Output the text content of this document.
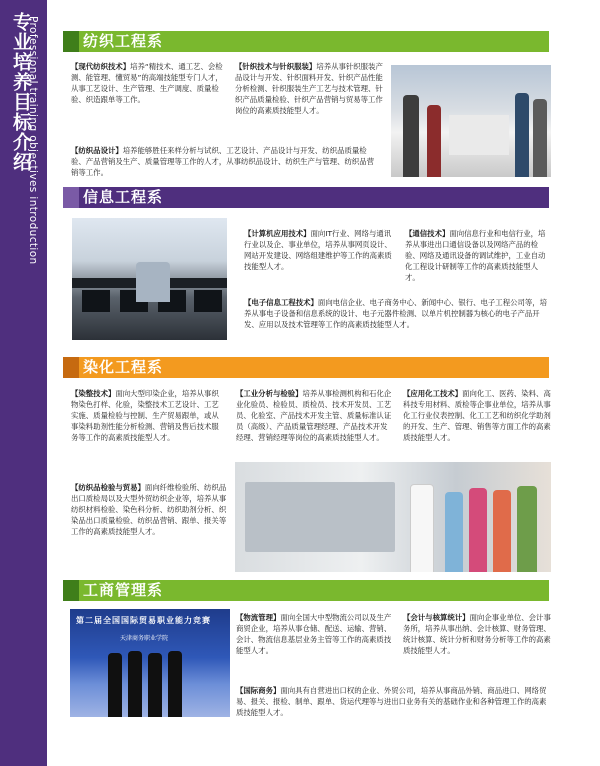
专业培养目标介绍
Professional training objectives introduction	纺织工程系
【现代纺织技术】培养“精技术、通工艺、会检测、能管理、懂贸易”的高端技能型专门人才，从事工艺设计、生产管理、生产调度、质量检验、织造跟单等工作。
【针织技术与针织服装】培养从事针织服装产品设计与开发、针织面料开发、针织产品性能分析检测、针织服装生产工艺与技术管理、针织产品质量检验、针织产品营销与贸易等工作岗位的高素质技能型人才。
【纺织品设计】培养能够胜任来样分析与试织、工艺设计、产品设计与开发、纺织品质量检验、产品营销及生产、质量管理等工作的人才，从事纺织品设计、纺织生产与管理、纺织品营销等工作。
信息工程系
【计算机应用技术】面向IT行业、网络与通讯行业以及企、事业单位，培养从事网页设计、网站开发建设、网络组建维护等工作的高素质技能型人才。
【通信技术】面向信息行业和电信行业，培养从事进出口通信设备以及网络产品的检验、网络及通讯设备的调试维护，工业自动化工程设计研制等工作的高素质技能型人才。
【电子信息工程技术】面向电信企业、电子商务中心、新闻中心、银行、电子工程公司等，培养从事电子设备和信息系统的设计、电子元器件检测、以单片机控制器为核心的电子产品开发、应用以及技术管理等工作的高素质技能型人才。
染化工程系
【染整技术】面向大型印染企业，培养从事织物染色打样、化验，染整技术工艺设计、工艺实施、质量检验与控制、生产贸易跟单，或从事染料助剂性能分析检测、营销及售后技术服务等工作的高素质技能型人才。
【工业分析与检验】培养从事检测机构和石化企业化验员、检验员、质检员、技术开发员、工艺员、化验室、产品技术开发主管、质量标准认证员（高级）、产品质量管理经理、产品技术开发经理、营销经理等岗位的高素质技能型人才。
【应用化工技术】面向化工、医药、染料、高科技专用材料、质检等企事业单位，培养从事化工行业仪表控制、化工工艺和纺织化学助剂的开发、生产、管理、销售等方面工作的高素质技能型人才。
【纺织品检验与贸易】面向纤维检验所、纺织品出口质检局以及大型外贸纺织企业等，培养从事纺织材料检验、染色科分析、纺织助剂分析、织染品出口质量检验、纺织品营销、跟单、报关等工作的高素质技能型人才。
工商管理系
第二届全国国际贸易职业能力竞赛
天津商务职业学院
【物流管理】面向全国大中型物流公司以及生产商贸企业，培养从事仓储、配送、运输、营销、会计、物流信息基层业务主管等工作的高素质技能型人才。
【会计与核算统计】面向企事业单位、会计事务所，培养从事出纳、会计核算、财务管理、统计核算、统计分析和财务分析等工作的高素质技能型人才。
【国际商务】面向具有自营进出口权的企业、外贸公司，培养从事商品外销、商品进口、网络贸易、报关、报检、制单、跟单、货运代理等与进出口业务有关的基础作业和各种管理工作的高素质技能型人才。
